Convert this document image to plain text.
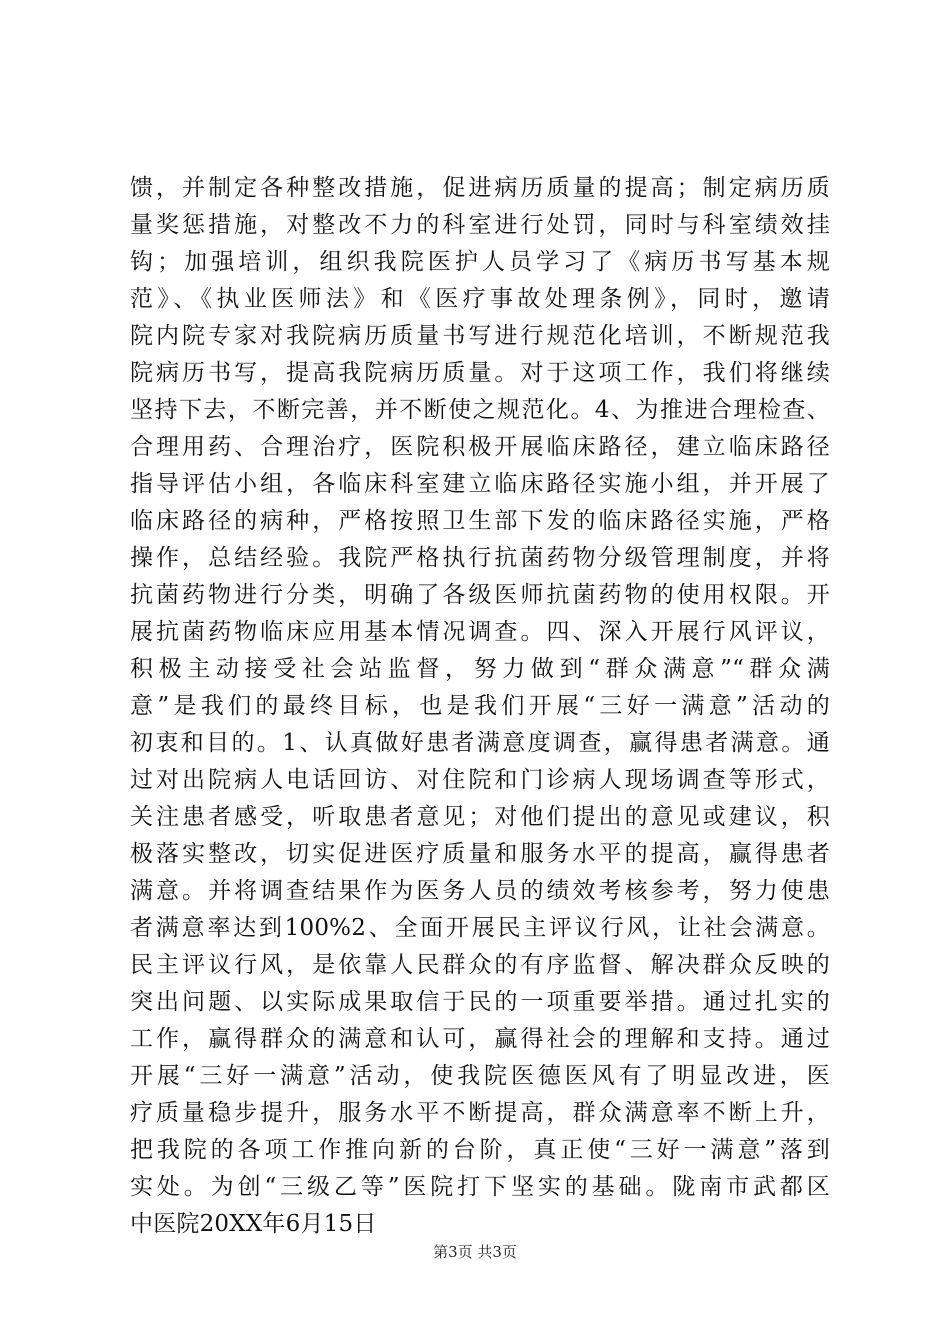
馈，并制定各种整改措施，促进病历质量的提高；制定病历质
量奖惩措施，对整改不力的科室进行处罚，同时与科室绩效挂
钩；加强培训，组织我院医护人员学习了《病历书写基本规
范》、《执业医师法》和《医疗事故处理条例》，同时，邀请
院内院专家对我院病历质量书写进行规范化培训，不断规范我
院病历书写，提高我院病历质量。对于这项工作，我们将继续
坚持下去，不断完善，并不断使之规范化。4、为推进合理检查、
合理用药、合理治疗，医院积极开展临床路径，建立临床路径
指导评估小组，各临床科室建立临床路径实施小组，并开展了
临床路径的病种，严格按照卫生部下发的临床路径实施，严格
操作，总结经验。我院严格执行抗菌药物分级管理制度，并将
抗菌药物进行分类，明确了各级医师抗菌药物的使用权限。开
展抗菌药物临床应用基本情况调查。四、深入开展行风评议，
积极主动接受社会站监督，努力做到“群众满意”“群众满
意”是我们的最终目标，也是我们开展“三好一满意”活动的
初衷和目的。1、认真做好患者满意度调查，赢得患者满意。通
过对出院病人电话回访、对住院和门诊病人现场调查等形式，
关注患者感受，听取患者意见；对他们提出的意见或建议，积
极落实整改，切实促进医疗质量和服务水平的提高，赢得患者
满意。并将调查结果作为医务人员的绩效考核参考，努力使患
者满意率达到100%2、全面开展民主评议行风，让社会满意。
民主评议行风，是依靠人民群众的有序监督、解决群众反映的
突出问题、以实际成果取信于民的一项重要举措。通过扎实的
工作，赢得群众的满意和认可，赢得社会的理解和支持。通过
开展“三好一满意”活动，使我院医德医风有了明显改进，医
疗质量稳步提升，服务水平不断提高，群众满意率不断上升，
把我院的各项工作推向新的台阶，真正使“三好一满意”落到
实处。为创“三级乙等”医院打下坚实的基础。陇南市武都区
中医院20XX年6月15日
第3页 共3页
